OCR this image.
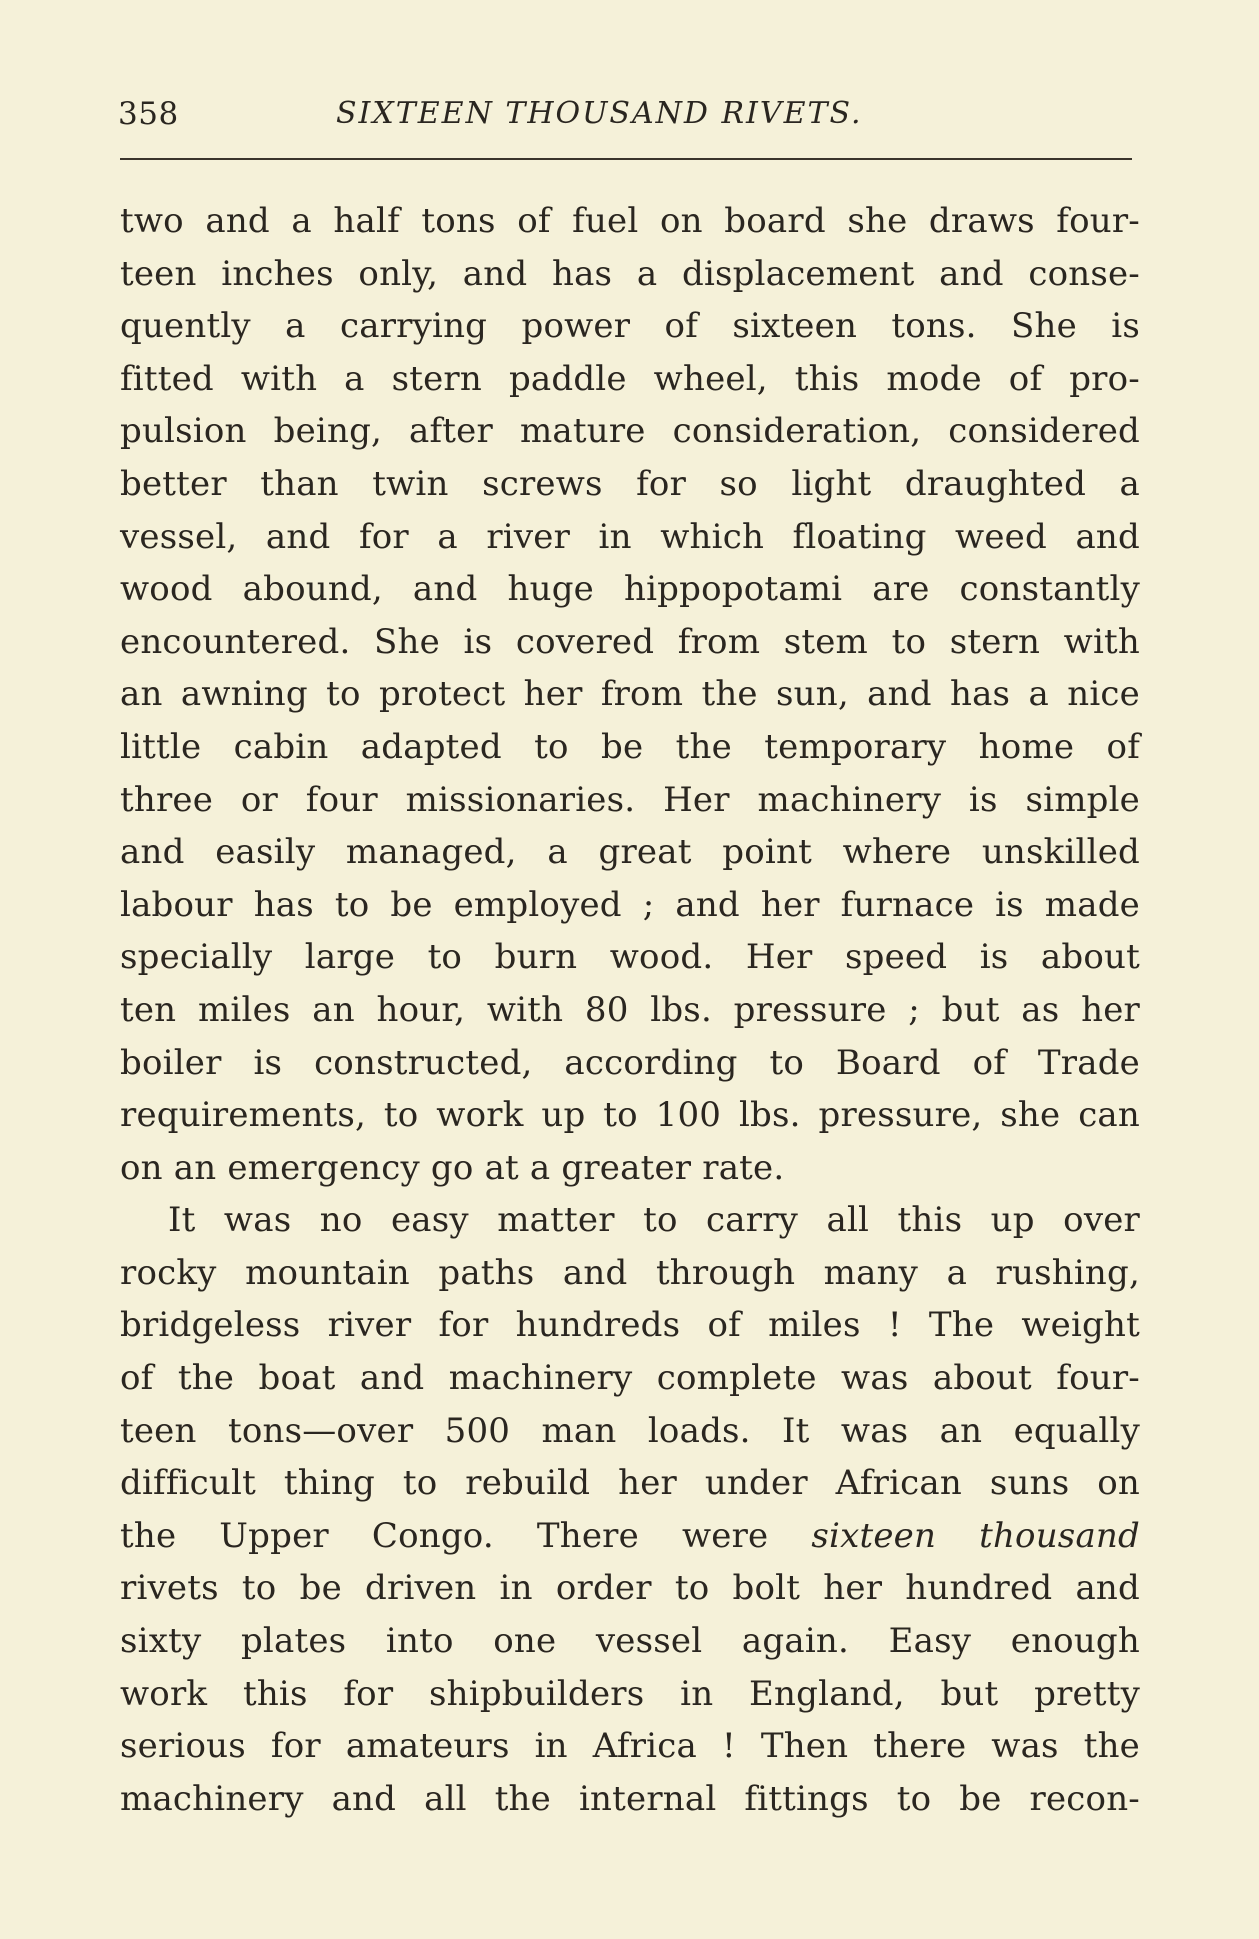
358	SIXTEEN THOUSAND RIVETS.
two and a half tons of fuel on board she draws four-
teen inches only, and has a displacement and conse-
quently a carrying power of sixteen tons. She is
fitted with a stern paddle wheel, this mode of pro-
pulsion being, after mature consideration, considered
better than twin screws for so light draughted a
vessel, and for a river in which floating weed and
wood abound, and huge hippopotami are constantly
encountered. She is covered from stem to stern with
an awning to protect her from the sun, and has a nice
little cabin adapted to be the temporary home of
three or four missionaries. Her machinery is simple
and easily managed, a great point where unskilled
labour has to be employed ; and her furnace is made
specially large to burn wood. Her speed is about
ten miles an hour, with 80 lbs. pressure ; but as her
boiler is constructed, according to Board of Trade
requirements, to work up to 100 lbs. pressure, she can
on an emergency go at a greater rate.
It was no easy matter to carry all this up over
rocky mountain paths and through many a rushing,
bridgeless river for hundreds of miles ! The weight
of the boat and machinery complete was about four-
teen tons—over 500 man loads. It was an equally
difficult thing to rebuild her under African suns on
the Upper Congo. There were sixteen thousand
rivets to be driven in order to bolt her hundred and
sixty plates into one vessel again. Easy enough
work this for shipbuilders in England, but pretty
serious for amateurs in Africa ! Then there was the
machinery and all the internal fittings to be recon-
